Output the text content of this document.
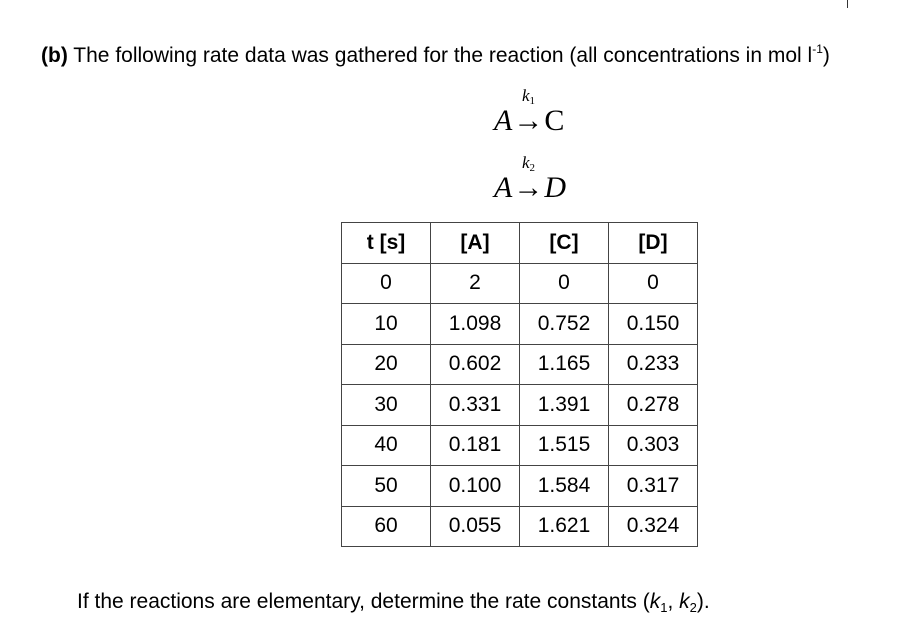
(b) The following rate data was gathered for the reaction (all concentrations in mol $l^{-1}$)
$k_1$
A→C
$k_2$
A→D
t [s]	[A]	[C]	[D]
0	2	0	0
10	1.098	0.752	0.150
20	0.602	1.165	0.233
30	0.331	1.391	0.278
40	0.181	1.515	0.303
50	0.100	1.584	0.317
60	0.055	1.621	0.324
If the reactions are elementary, determine the rate constants ($k_1$, $k_2$).
